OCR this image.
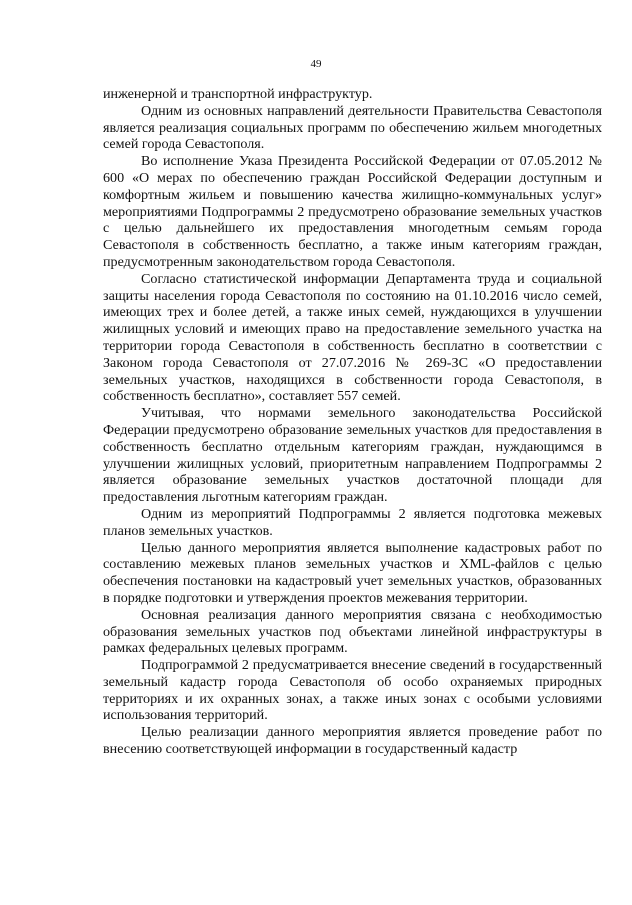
49

инженерной и транспортной инфраструктур.

Одним из основных направлений деятельности Правительства Севастополя является реализация социальных программ по обеспечению жильем многодетных семей города Севастополя.

Во исполнение Указа Президента Российской Федерации от 07.05.2012 № 600 «О мерах по обеспечению граждан Российской Федерации доступным и комфортным жильем и повышению качества жилищно-коммунальных услуг» мероприятиями Подпрограммы 2 предусмотрено образование земельных участков с целью дальнейшего их предоставления многодетным семьям города Севастополя в собственность бесплатно, а также иным категориям граждан, предусмотренным законодательством города Севастополя.

Согласно статистической информации Департамента труда и социальной защиты населения города Севастополя по состоянию на 01.10.2016 число семей, имеющих трех и более детей, а также иных семей, нуждающихся в улучшении жилищных условий и имеющих право на предоставление земельного участка на территории города Севастополя в собственность бесплатно в соответствии с Законом города Севастополя от 27.07.2016 № 269-ЗС «О предоставлении земельных участков, находящихся в собственности города Севастополя, в собственность бесплатно», составляет 557 семей.

Учитывая, что нормами земельного законодательства Российской Федерации предусмотрено образование земельных участков для предоставления в собственность бесплатно отдельным категориям граждан, нуждающимся в улучшении жилищных условий, приоритетным направлением Подпрограммы 2 является образование земельных участков достаточной площади для предоставления льготным категориям граждан.

Одним из мероприятий Подпрограммы 2 является подготовка межевых планов земельных участков.

Целью данного мероприятия является выполнение кадастровых работ по составлению межевых планов земельных участков и XML-файлов с целью обеспечения постановки на кадастровый учет земельных участков, образованных в порядке подготовки и утверждения проектов межевания территории.

Основная реализация данного мероприятия связана с необходимостью образования земельных участков под объектами линейной инфраструктуры в рамках федеральных целевых программ.

Подпрограммой 2 предусматривается внесение сведений в государственный земельный кадастр города Севастополя об особо охраняемых природных территориях и их охранных зонах, а также иных зонах с особыми условиями использования территорий.

Целью реализации данного мероприятия является проведение работ по внесению соответствующей информации в государственный кадастр
